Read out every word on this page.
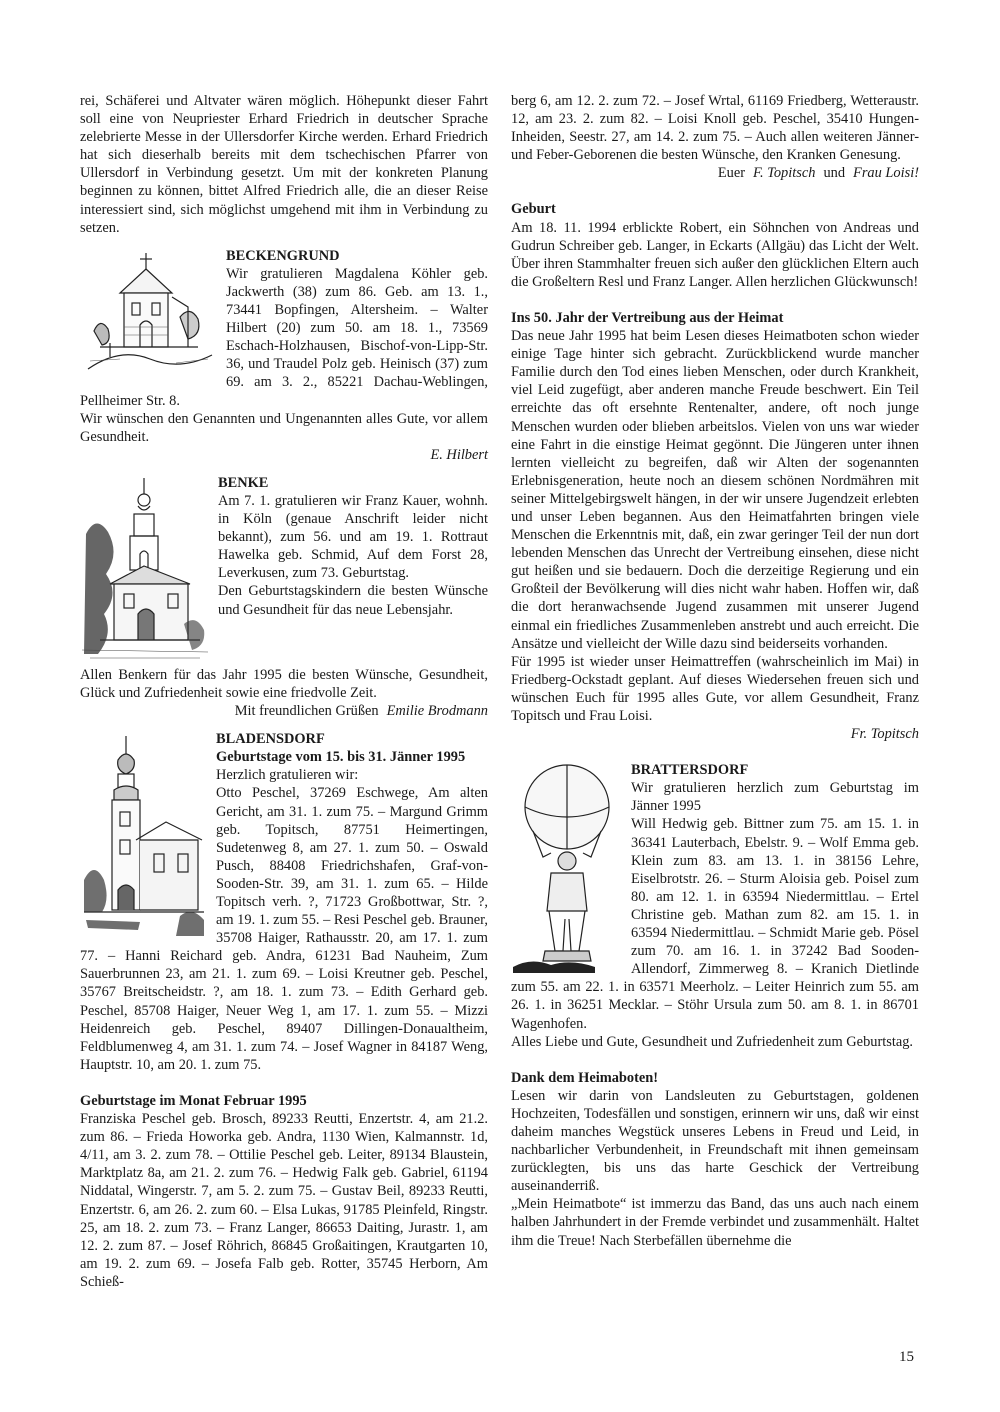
rei, Schäferei und Altvater wären möglich. Höhepunkt dieser Fahrt soll eine von Neupriester Erhard Friedrich in deutscher Sprache zelebrierte Messe in der Ullersdorfer Kirche werden. Erhard Friedrich hat sich dieserhalb bereits mit dem tschechischen Pfarrer von Ullersdorf in Verbindung gesetzt. Um mit der konkreten Planung beginnen zu können, bittet Alfred Friedrich alle, die an dieser Reise interessiert sind, sich möglichst umgehend mit ihm in Verbindung zu setzen.

BECKENGRUND

Wir gratulieren Magdalena Köhler geb. Jackwerth (38) zum 86. Geb. am 13. 1., 73441 Bopfingen, Altersheim. – Walter Hilbert (20) zum 50. am 18. 1., 73569 Eschach-Holzhausen, Bischof-von-Lipp-Str. 36, und Traudel Polz geb. Heinisch (37) zum 69. am 3. 2., 85221 Dachau-Weblingen, Pellheimer Str. 8.

Wir wünschen den Genannten und Ungenannten alles Gute, vor allem Gesundheit.

E. Hilbert

BENKE

Am 7. 1. gratulieren wir Franz Kauer, wohnh. in Köln (genaue Anschrift leider nicht bekannt), zum 56. und am 19. 1. Rottraut Hawelka geb. Schmid, Auf dem Forst 28, Leverkusen, zum 73. Geburtstag.

Den Geburtstagskindern die besten Wünsche und Gesundheit für das neue Lebensjahr.

Allen Benkern für das Jahr 1995 die besten Wünsche, Gesundheit, Glück und Zufriedenheit sowie eine friedvolle Zeit.

Mit freundlichen Grüßen Emilie Brodmann

BLADENSDORF

Geburtstage vom 15. bis 31. Jänner 1995

Herzlich gratulieren wir:

Otto Peschel, 37269 Eschwege, Am alten Gericht, am 31. 1. zum 75. – Margund Grimm geb. Topitsch, 87751 Heimertingen, Sudetenweg 8, am 27. 1. zum 50. – Oswald Pusch, 88408 Friedrichshafen, Graf-von-Sooden-Str. 39, am 31. 1. zum 65. – Hilde Topitsch verh. ?, 71723 Großbottwar, Str. ?, am 19. 1. zum 55. – Resi Peschel geb. Brauner, 35708 Haiger, Rathausstr. 20, am 17. 1. zum 77. – Hanni Reichard geb. Andra, 61231 Bad Nauheim, Zum Sauerbrunnen 23, am 21. 1. zum 69. – Loisi Kreutner geb. Peschel, 35767 Breitscheidstr. ?, am 18. 1. zum 73. – Edith Gerhard geb. Peschel, 85708 Haiger, Neuer Weg 1, am 17. 1. zum 55. – Mizzi Heidenreich geb. Peschel, 89407 Dillingen-Donaualtheim, Feldblumenweg 4, am 31. 1. zum 74. – Josef Wagner in 84187 Weng, Hauptstr. 10, am 20. 1. zum 75.

Geburtstage im Monat Februar 1995

Franziska Peschel geb. Brosch, 89233 Reutti, Enzertstr. 4, am 21.2. zum 86. – Frieda Howorka geb. Andra, 1130 Wien, Kalmannstr. 1d, 4/11, am 3. 2. zum 78. – Ottilie Peschel geb. Leiter, 89134 Blaustein, Marktplatz 8a, am 21. 2. zum 76. – Hedwig Falk geb. Gabriel, 61194 Niddatal, Wingerstr. 7, am 5. 2. zum 75. – Gustav Beil, 89233 Reutti, Enzertstr. 6, am 26. 2. zum 60. – Elsa Lukas, 91785 Pleinfeld, Ringstr. 25, am 18. 2. zum 73. – Franz Langer, 86653 Daiting, Jurastr. 1, am 12. 2. zum 87. – Josef Röhrich, 86845 Großaitingen, Krautgarten 10, am 19. 2. zum 69. – Josefa Falb geb. Rotter, 35745 Herborn, Am Schieß-

berg 6, am 12. 2. zum 72. – Josef Wrtal, 61169 Friedberg, Wetteraustr. 12, am 23. 2. zum 82. – Loisi Knoll geb. Peschel, 35410 Hungen-Inheiden, Seestr. 27, am 14. 2. zum 75. – Auch allen weiteren Jänner- und Feber-Geborenen die besten Wünsche, den Kranken Genesung.

Euer F. Topitsch und Frau Loisi!

Geburt

Am 18. 11. 1994 erblickte Robert, ein Söhnchen von Andreas und Gudrun Schreiber geb. Langer, in Eckarts (Allgäu) das Licht der Welt. Über ihren Stammhalter freuen sich außer den glücklichen Eltern auch die Großeltern Resl und Franz Langer. Allen herzlichen Glückwunsch!

Ins 50. Jahr der Vertreibung aus der Heimat

Das neue Jahr 1995 hat beim Lesen dieses Heimatboten schon wieder einige Tage hinter sich gebracht. Zurückblickend wurde mancher Familie durch den Tod eines lieben Menschen, oder durch Krankheit, viel Leid zugefügt, aber anderen manche Freude beschwert. Ein Teil erreichte das oft ersehnte Rentenalter, andere, oft noch junge Menschen wurden oder blieben arbeitslos. Vielen von uns war wieder eine Fahrt in die einstige Heimat gegönnt. Die Jüngeren unter ihnen lernten vielleicht zu begreifen, daß wir Alten der sogenannten Erlebnisgeneration, heute noch an diesem schönen Nordmähren mit seiner Mittelgebirgswelt hängen, in der wir unsere Jugendzeit erlebten und unser Leben begannen. Aus den Heimatfahrten bringen viele Menschen die Erkenntnis mit, daß, ein zwar geringer Teil der nun dort lebenden Menschen das Unrecht der Vertreibung einsehen, diese nicht gut heißen und sie bedauern. Doch die derzeitige Regierung und ein Großteil der Bevölkerung will dies nicht wahr haben. Hoffen wir, daß die dort heranwachsende Jugend zusammen mit unserer Jugend einmal ein friedliches Zusammenleben anstrebt und auch erreicht. Die Ansätze und vielleicht der Wille dazu sind beiderseits vorhanden.

Für 1995 ist wieder unser Heimattreffen (wahrscheinlich im Mai) in Friedberg-Ockstadt geplant. Auf dieses Wiedersehen freuen sich und wünschen Euch für 1995 alles Gute, vor allem Gesundheit, Franz Topitsch und Frau Loisi.

Fr. Topitsch

BRATTERSDORF

Wir gratulieren herzlich zum Geburtstag im Jänner 1995

Will Hedwig geb. Bittner zum 75. am 15. 1. in 36341 Lauterbach, Ebelstr. 9. – Wolf Emma geb. Klein zum 83. am 13. 1. in 38156 Lehre, Eiselbrotstr. 26. – Sturm Aloisia geb. Poisel zum 80. am 12. 1. in 63594 Niedermittlau. – Ertel Christine geb. Mathan zum 82. am 15. 1. in 63594 Niedermittlau. – Schmidt Marie geb. Pösel zum 70. am 16. 1. in 37242 Bad Sooden-Allendorf, Zimmerweg 8. – Kranich Dietlinde zum 55. am 22. 1. in 63571 Meerholz. – Leiter Heinrich zum 55. am 26. 1. in 36251 Mecklar. – Stöhr Ursula zum 50. am 8. 1. in 86701 Wagenhofen.

Alles Liebe und Gute, Gesundheit und Zufriedenheit zum Geburtstag.

Dank dem Heimaboten!

Lesen wir darin von Landsleuten zu Geburtstagen, goldenen Hochzeiten, Todesfällen und sonstigen, erinnern wir uns, daß wir einst daheim manches Wegstück unseres Lebens in Freud und Leid, in nachbarlicher Verbundenheit, in Freundschaft mit ihnen gemeinsam zurücklegten, bis uns das harte Geschick der Vertreibung auseinanderriß.

„Mein Heimatbote“ ist immerzu das Band, das uns auch nach einem halben Jahrhundert in der Fremde verbindet und zusammenhält. Haltet ihm die Treue! Nach Sterbefällen übernehme die

15
